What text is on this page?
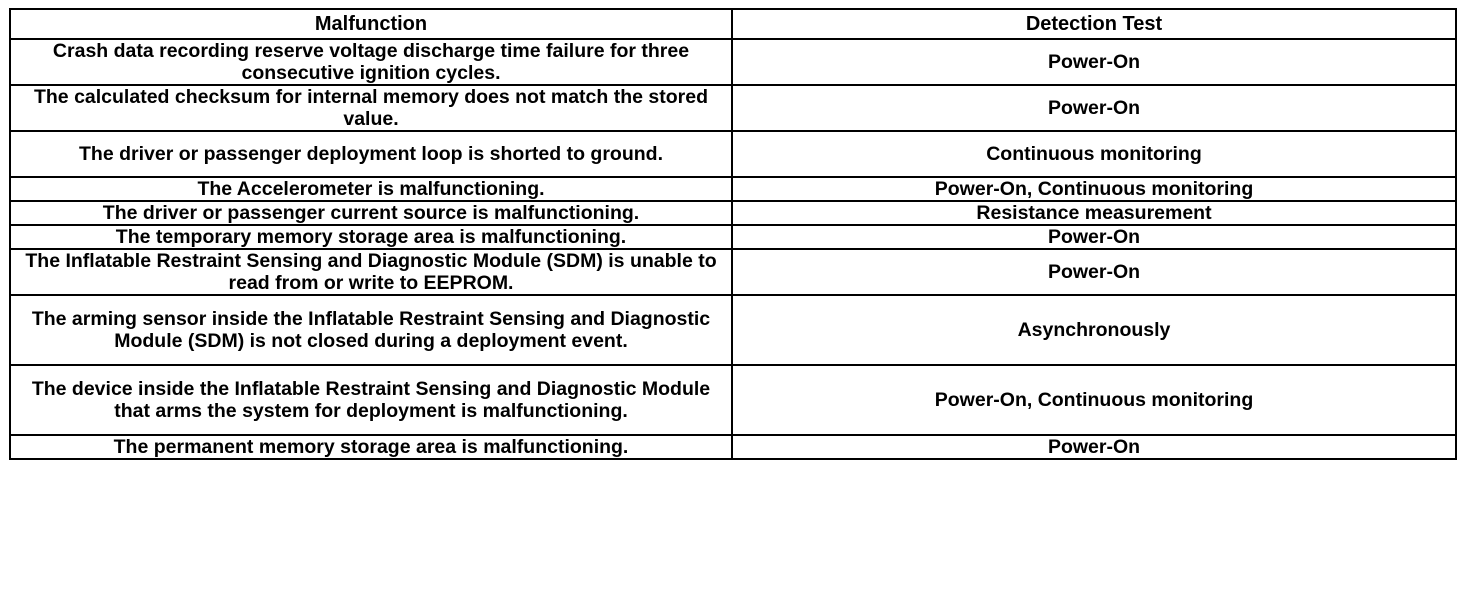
Malfunction	Detection Test
Crash data recording reserve voltage discharge time failure for three consecutive ignition cycles.	Power-On
The calculated checksum for internal memory does not match the stored value.	Power-On
The driver or passenger deployment loop is shorted to ground.	Continuous monitoring
The Accelerometer is malfunctioning.	Power-On, Continuous monitoring
The driver or passenger current source is malfunctioning.	Resistance measurement
The temporary memory storage area is malfunctioning.	Power-On
The Inflatable Restraint Sensing and Diagnostic Module (SDM) is unable to read from or write to EEPROM.	Power-On
The arming sensor inside the Inflatable Restraint Sensing and Diagnostic Module (SDM) is not closed during a deployment event.	Asynchronously
The device inside the Inflatable Restraint Sensing and Diagnostic Module that arms the system for deployment is malfunctioning.	Power-On, Continuous monitoring
The permanent memory storage area is malfunctioning.	Power-On
